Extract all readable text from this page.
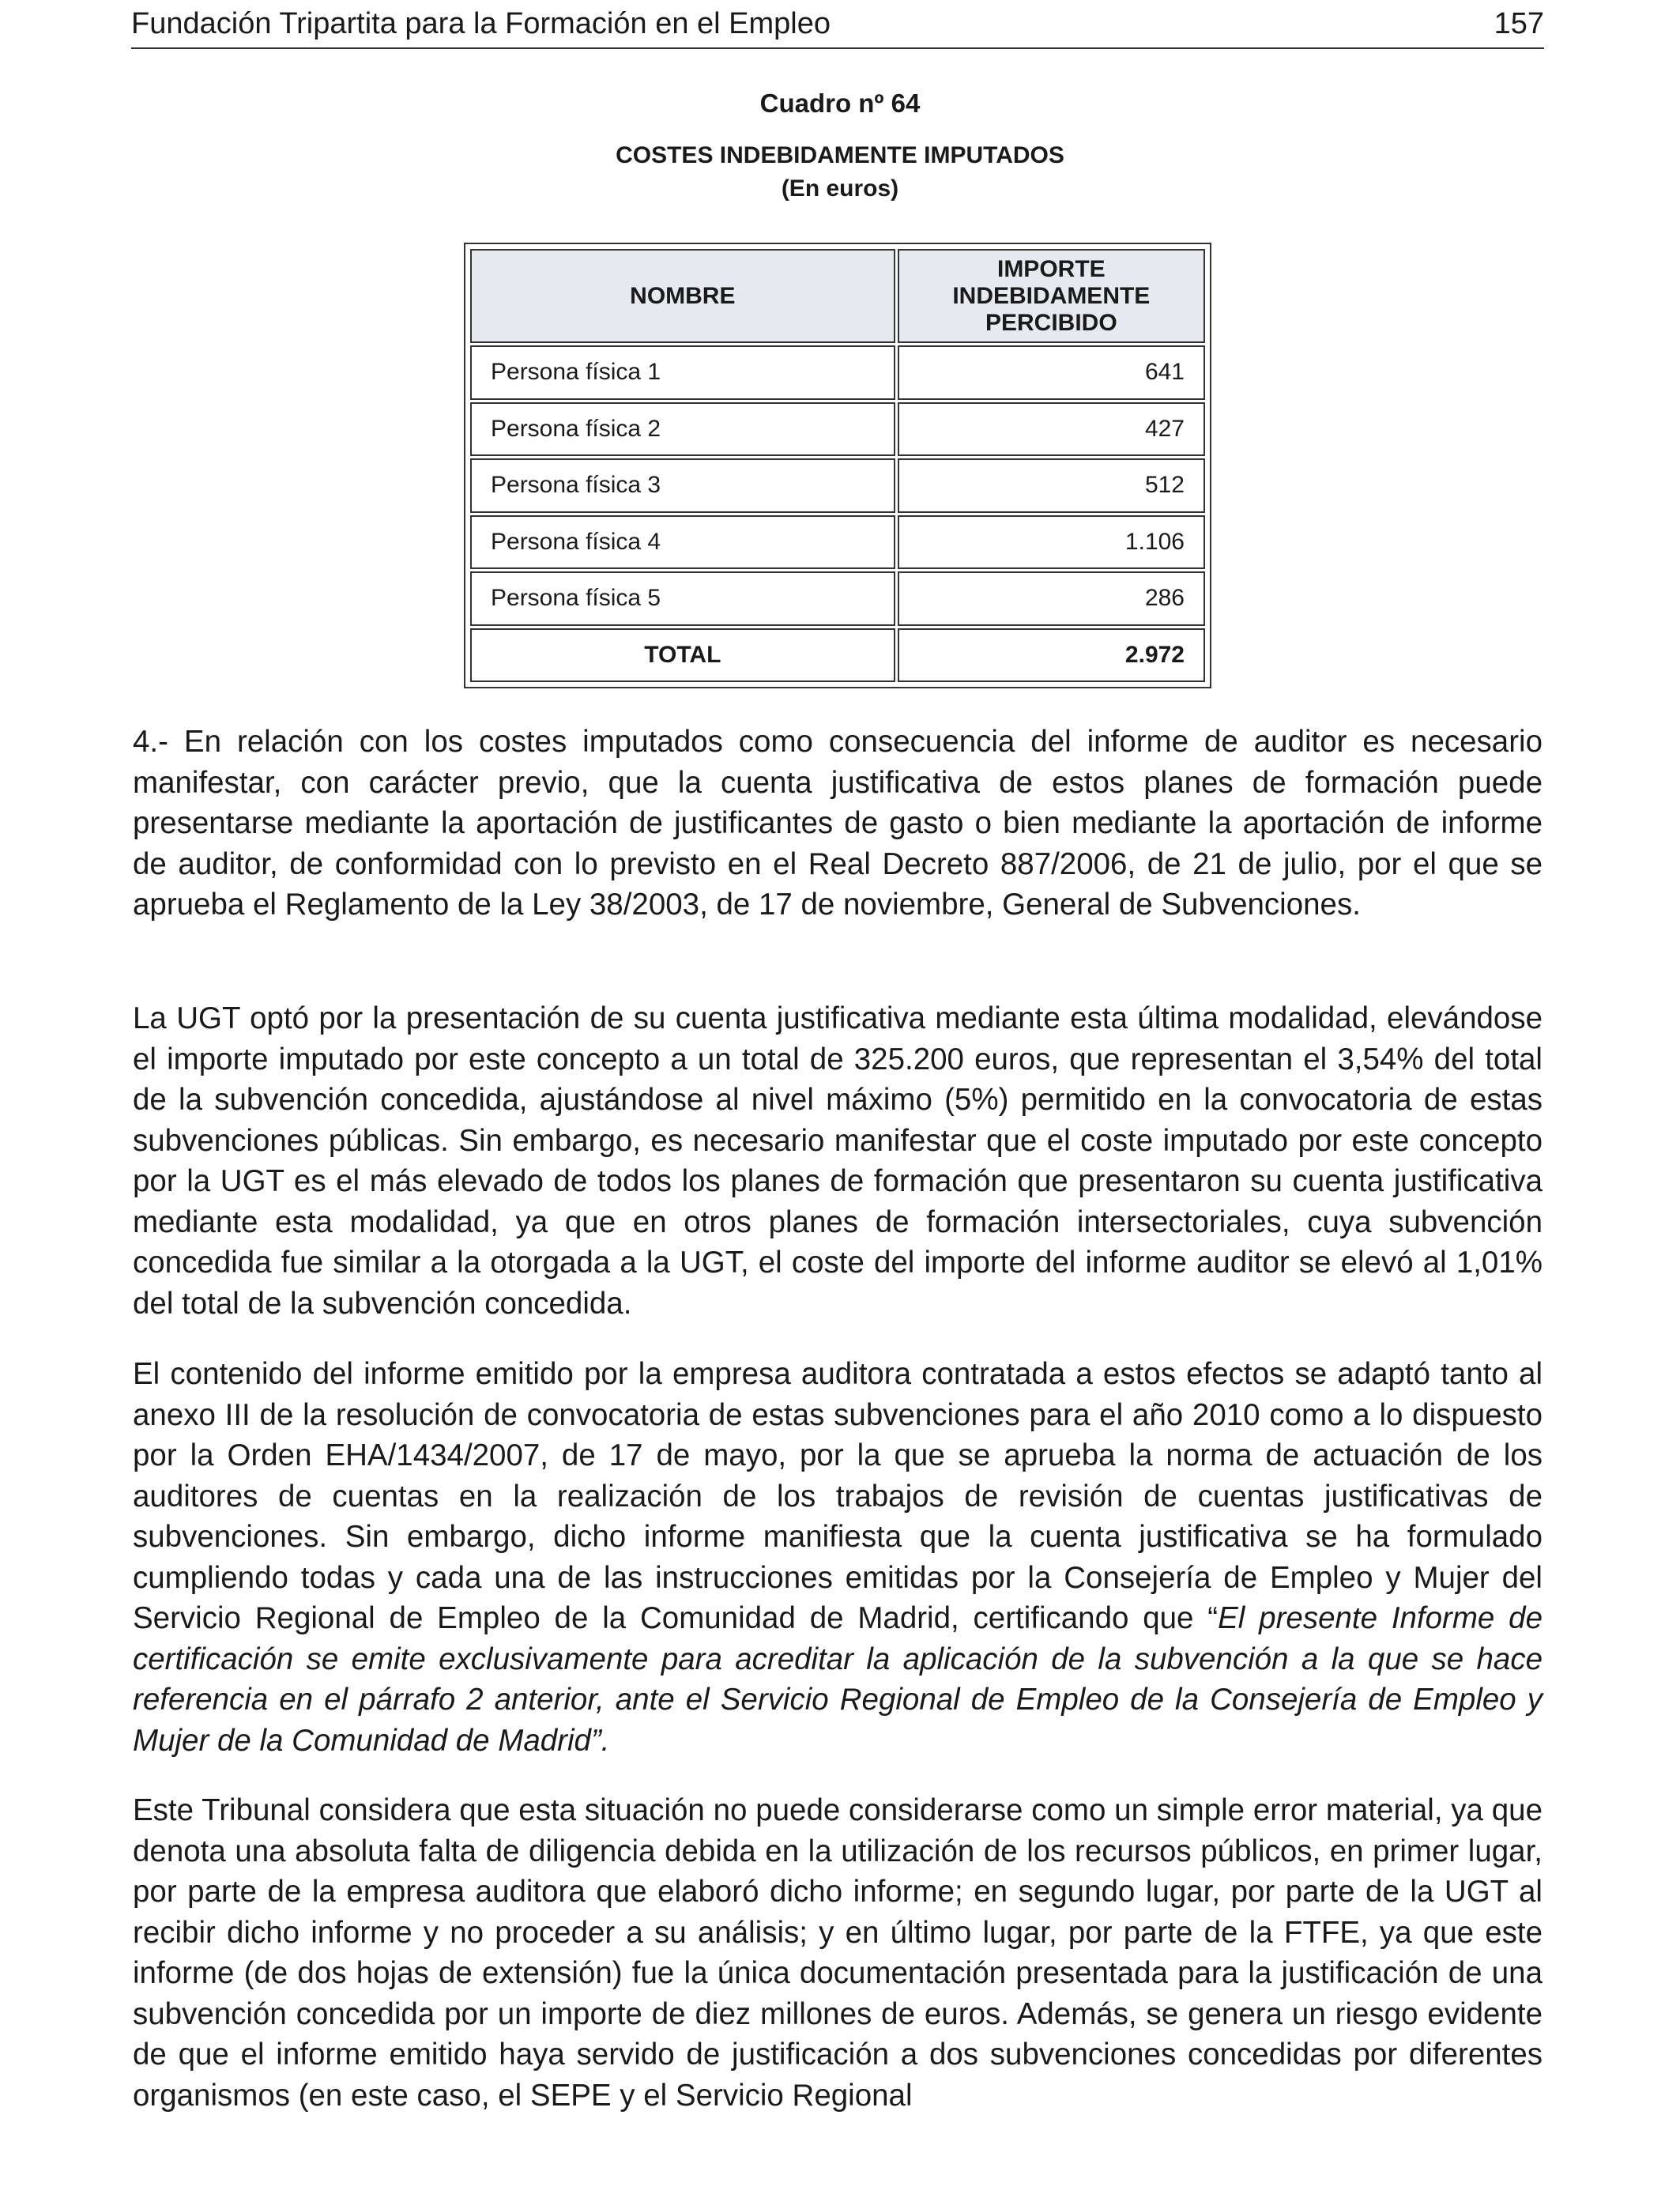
Fundación Tripartita para la Formación en el Empleo	157
Cuadro nº 64
COSTES INDEBIDAMENTE IMPUTADOS
(En euros)
NOMBRE	IMPORTE INDEBIDAMENTE PERCIBIDO
Persona física 1	641
Persona física 2	427
Persona física 3	512
Persona física 4	1.106
Persona física 5	286
TOTAL	2.972

4.- En relación con los costes imputados como consecuencia del informe de auditor es necesario manifestar, con carácter previo, que la cuenta justificativa de estos planes de formación puede presentarse mediante la aportación de justificantes de gasto o bien mediante la aportación de informe de auditor, de conformidad con lo previsto en el Real Decreto 887/2006, de 21 de julio, por el que se aprueba el Reglamento de la Ley 38/2003, de 17 de noviembre, General de Subvenciones.

La UGT optó por la presentación de su cuenta justificativa mediante esta última modalidad, elevándose el importe imputado por este concepto a un total de 325.200 euros, que representan el 3,54% del total de la subvención concedida, ajustándose al nivel máximo (5%) permitido en la convocatoria de estas subvenciones públicas. Sin embargo, es necesario manifestar que el coste imputado por este concepto por la UGT es el más elevado de todos los planes de formación que presentaron su cuenta justificativa mediante esta modalidad, ya que en otros planes de formación intersectoriales, cuya subvención concedida fue similar a la otorgada a la UGT, el coste del importe del informe auditor se elevó al 1,01% del total de la subvención concedida.

El contenido del informe emitido por la empresa auditora contratada a estos efectos se adaptó tanto al anexo III de la resolución de convocatoria de estas subvenciones para el año 2010 como a lo dispuesto por la Orden EHA/1434/2007, de 17 de mayo, por la que se aprueba la norma de actuación de los auditores de cuentas en la realización de los trabajos de revisión de cuentas justificativas de subvenciones. Sin embargo, dicho informe manifiesta que la cuenta justificativa se ha formulado cumpliendo todas y cada una de las instrucciones emitidas por la Consejería de Empleo y Mujer del Servicio Regional de Empleo de la Comunidad de Madrid, certificando que “El presente Informe de certificación se emite exclusivamente para acreditar la aplicación de la subvención a la que se hace referencia en el párrafo 2 anterior, ante el Servicio Regional de Empleo de la Consejería de Empleo y Mujer de la Comunidad de Madrid”.

Este Tribunal considera que esta situación no puede considerarse como un simple error material, ya que denota una absoluta falta de diligencia debida en la utilización de los recursos públicos, en primer lugar, por parte de la empresa auditora que elaboró dicho informe; en segundo lugar, por parte de la UGT al recibir dicho informe y no proceder a su análisis; y en último lugar, por parte de la FTFE, ya que este informe (de dos hojas de extensión) fue la única documentación presentada para la justificación de una subvención concedida por un importe de diez millones de euros. Además, se genera un riesgo evidente de que el informe emitido haya servido de justificación a dos subvenciones concedidas por diferentes organismos (en este caso, el SEPE y el Servicio Regional
